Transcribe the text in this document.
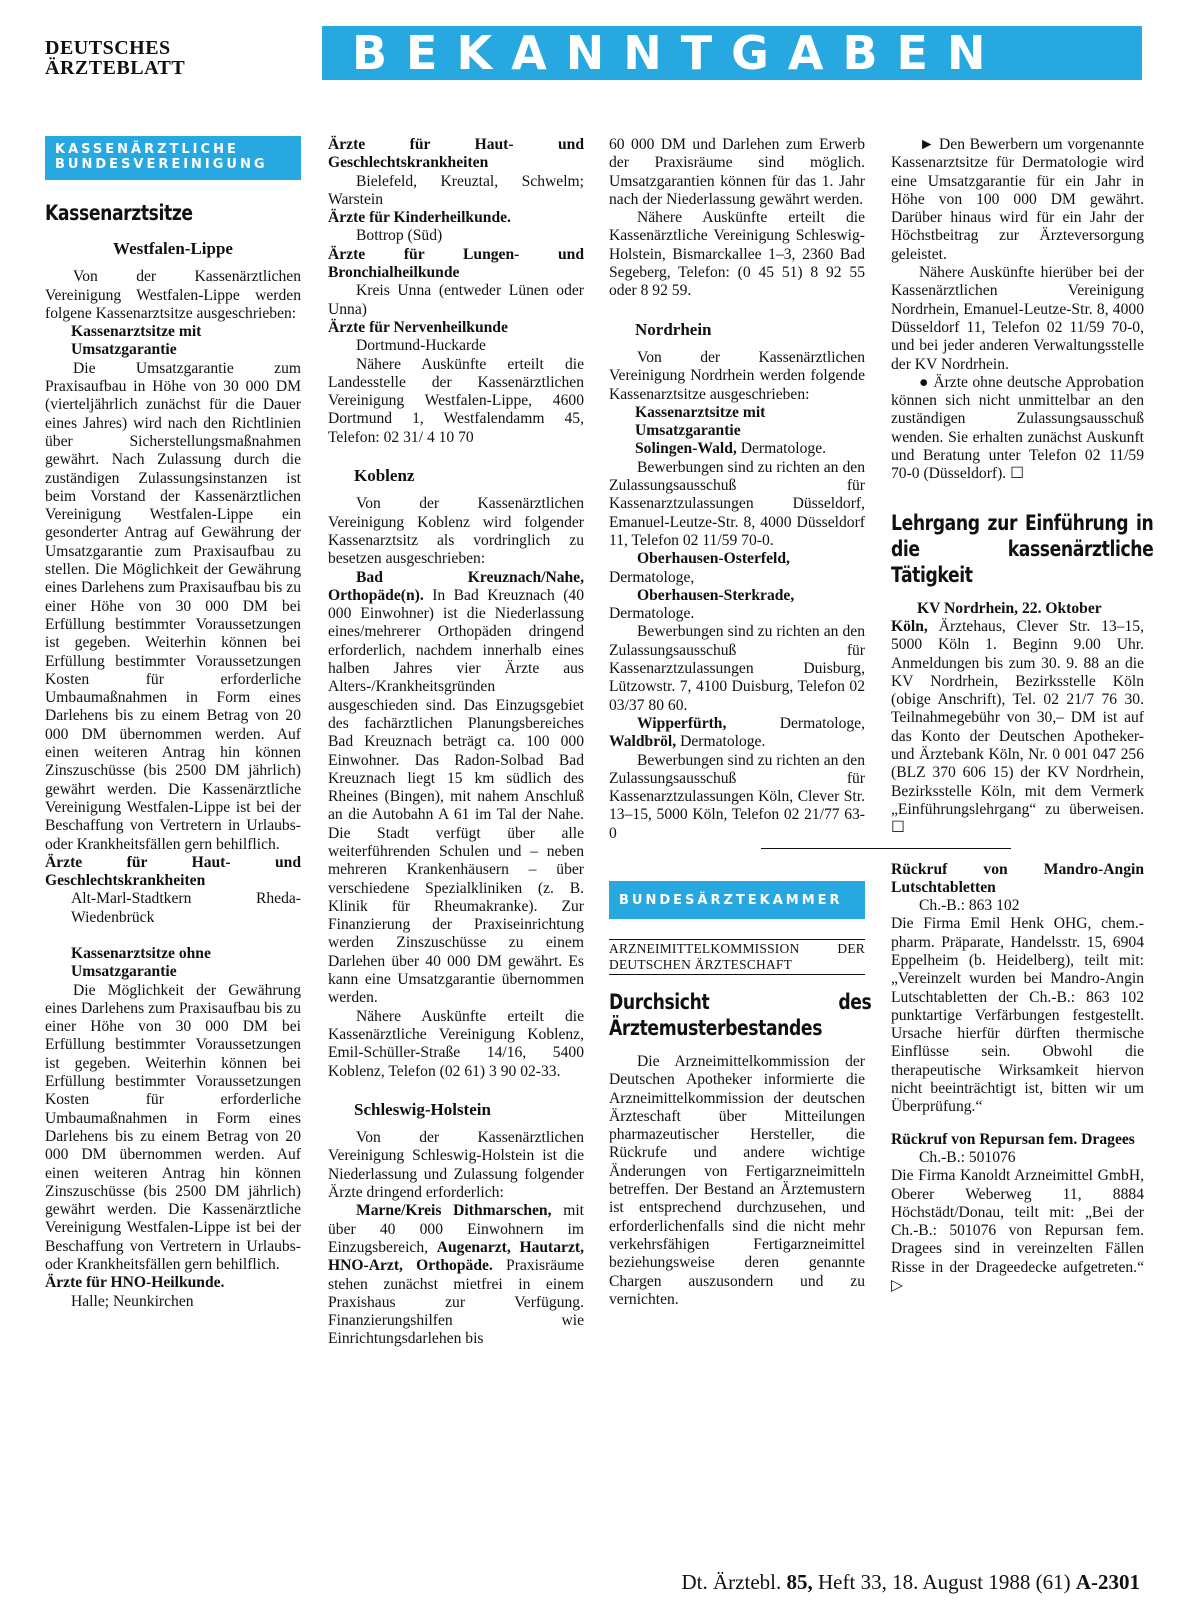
DEUTSCHES ÄRZTEBLATT	BEKANNTGABEN
KASSENÄRZTLICHE BUNDESVEREINIGUNG
Kassenarztsitze
Westfalen-Lippe

Von der Kassenärztlichen Vereinigung Westfalen-Lippe werden folgene Kassenarztsitze ausgeschrieben:

Kassenarztsitze mit Umsatzgarantie

Die Umsatzgarantie zum Praxisaufbau in Höhe von 30 000 DM (vierteljährlich zunächst für die Dauer eines Jahres) wird nach den Richtlinien über Sicherstellungsmaßnahmen gewährt. Nach Zulassung durch die zuständigen Zulassungsinstanzen ist beim Vorstand der Kassenärztlichen Vereinigung Westfalen-Lippe ein gesonderter Antrag auf Gewährung der Umsatzgarantie zum Praxisaufbau zu stellen. Die Möglichkeit der Gewährung eines Darlehens zum Praxisaufbau bis zu einer Höhe von 30 000 DM bei Erfüllung bestimmter Voraussetzungen ist gegeben. Weiterhin können bei Erfüllung bestimmter Voraussetzungen Kosten für erforderliche Umbaumaßnahmen in Form eines Darlehens bis zu einem Betrag von 20 000 DM übernommen werden. Auf einen weiteren Antrag hin können Zinszuschüsse (bis 2500 DM jährlich) gewährt werden. Die Kassenärztliche Vereinigung Westfalen-Lippe ist bei der Beschaffung von Vertretern in Urlaubs- oder Krankheitsfällen gern behilflich.

Ärzte für Haut- und Geschlechtskrankheiten

Alt-Marl-Stadtkern Rheda-Wiedenbrück

Kassenarztsitze ohne Umsatzgarantie

Die Möglichkeit der Gewährung eines Darlehens zum Praxisaufbau bis zu einer Höhe von 30 000 DM bei Erfüllung bestimmter Voraussetzungen ist gegeben. Weiterhin können bei Erfüllung bestimmter Voraussetzungen Kosten für erforderliche Umbaumaßnahmen in Form eines Darlehens bis zu einem Betrag von 20 000 DM übernommen werden. Auf einen weiteren Antrag hin können Zinszuschüsse (bis 2500 DM jährlich) gewährt werden. Die Kassenärztliche Vereinigung Westfalen-Lippe ist bei der Beschaffung von Vertretern in Urlaubs- oder Krankheitsfällen gern behilflich.

Ärzte für HNO-Heilkunde.

Halle; Neunkirchen

Ärzte für Haut- und Geschlechtskrankheiten

Bielefeld, Kreuztal, Schwelm; Warstein

Ärzte für Kinderheilkunde.

Bottrop (Süd)

Ärzte für Lungen- und Bronchialheilkunde

Kreis Unna (entweder Lünen oder Unna)

Ärzte für Nervenheilkunde

Dortmund-Huckarde

Nähere Auskünfte erteilt die Landesstelle der Kassenärztlichen Vereinigung Westfalen-Lippe, 4600 Dortmund 1, Westfalendamm 45, Telefon: 02 31/ 4 10 70

Koblenz

Von der Kassenärztlichen Vereinigung Koblenz wird folgender Kassenarztsitz als vordringlich zu besetzen ausgeschrieben:

Bad Kreuznach/Nahe, Orthopäde(n). In Bad Kreuznach (40 000 Einwohner) ist die Niederlassung eines/mehrerer Orthopäden dringend erforderlich, nachdem innerhalb eines halben Jahres vier Ärzte aus Alters-/Krankheitsgründen ausgeschieden sind. Das Einzugsgebiet des fachärztlichen Planungsbereiches Bad Kreuznach beträgt ca. 100 000 Einwohner. Das Radon-Solbad Bad Kreuznach liegt 15 km südlich des Rheines (Bingen), mit nahem Anschluß an die Autobahn A 61 im Tal der Nahe. Die Stadt verfügt über alle weiterführenden Schulen und – neben mehreren Krankenhäusern – über verschiedene Spezialkliniken (z. B. Klinik für Rheumakranke). Zur Finanzierung der Praxiseinrichtung werden Zinszuschüsse zu einem Darlehen über 40 000 DM gewährt. Es kann eine Umsatzgarantie übernommen werden.

Nähere Auskünfte erteilt die Kassenärztliche Vereinigung Koblenz, Emil-Schüller-Straße 14/16, 5400 Koblenz, Telefon (02 61) 3 90 02-33.

Schleswig-Holstein

Von der Kassenärztlichen Vereinigung Schleswig-Holstein ist die Niederlassung und Zulassung folgender Ärzte dringend erforderlich:

Marne/Kreis Dithmarschen, mit über 40 000 Einwohnern im Einzugsbereich, Augenarzt, Hautarzt, HNO-Arzt, Orthopäde. Praxisräume stehen zunächst mietfrei in einem Praxishaus zur Verfügung. Finanzierungshilfen wie Einrichtungsdarlehen bis

60 000 DM und Darlehen zum Erwerb der Praxisräume sind möglich. Umsatzgarantien können für das 1. Jahr nach der Niederlassung gewährt werden.

Nähere Auskünfte erteilt die Kassenärztliche Vereinigung Schleswig-Holstein, Bismarckallee 1–3, 2360 Bad Segeberg, Telefon: (0 45 51) 8 92 55 oder 8 92 59.

Nordrhein

Von der Kassenärztlichen Vereinigung Nordrhein werden folgende Kassenarztsitze ausgeschrieben:

Kassenarztsitze mit Umsatzgarantie

Solingen-Wald, Dermatologe.

Bewerbungen sind zu richten an den Zulassungsausschuß für Kassenarztzulassungen Düsseldorf, Emanuel-Leutze-Str. 8, 4000 Düsseldorf 11, Telefon 02 11/59 70-0.

Oberhausen-Osterfeld, Dermatologe,

Oberhausen-Sterkrade, Dermatologe.

Bewerbungen sind zu richten an den Zulassungsausschuß für Kassenarztzulassungen Duisburg, Lützowstr. 7, 4100 Duisburg, Telefon 02 03/37 80 60.

Wipperfürth,	Dermatologe, Waldbröl, Dermatologe.

Bewerbungen sind zu richten an den Zulassungsausschuß für Kassenarztzulassungen Köln, Clever Str. 13–15, 5000 Köln, Telefon 02 21/77 63-0

BUNDESÄRZTEKAMMER
ARZNEIMITTELKOMMISSION DER DEUTSCHEN ÄRZTESCHAFT
Durchsicht des Ärztemusterbestandes

Die Arzneimittelkommission der Deutschen Apotheker informierte die Arzneimittelkommission der deutschen Ärzteschaft über Mitteilungen pharmazeutischer Hersteller, die Rückrufe und andere wichtige Änderungen von Fertigarzneimitteln betreffen. Der Bestand an Ärztemustern ist entsprechend durchzusehen, und erforderlichenfalls sind die nicht mehr verkehrsfähigen Fertigarzneimittel beziehungsweise deren genannte Chargen auszusondern und zu vernichten.

► Den Bewerbern um vorgenannte Kassenarztsitze für Dermatologie wird eine Umsatzgarantie für ein Jahr in Höhe von 100 000 DM gewährt. Darüber hinaus wird für ein Jahr der Höchstbeitrag zur Ärzteversorgung geleistet.

Nähere Auskünfte hierüber bei der Kassenärztlichen Vereinigung Nordrhein, Emanuel-Leutze-Str. 8, 4000 Düsseldorf 11, Telefon 02 11/59 70-0, und bei jeder anderen Verwaltungsstelle der KV Nordrhein.

● Ärzte ohne deutsche Approbation können sich nicht unmittelbar an den zuständigen Zulassungsausschuß wenden. Sie erhalten zunächst Auskunft und Beratung unter Telefon 02 11/59 70-0 (Düsseldorf). ☐

Lehrgang zur Einführung in die kassenärztliche Tätigkeit

KV Nordrhein, 22. Oktober

Köln, Ärztehaus, Clever Str. 13–15, 5000 Köln 1. Beginn 9.00 Uhr. Anmeldungen bis zum 30. 9. 88 an die KV Nordrhein, Bezirksstelle Köln (obige Anschrift), Tel. 02 21/7 76 30. Teilnahmegebühr von 30,– DM ist auf das Konto der Deutschen Apotheker- und Ärztebank Köln, Nr. 0 001 047 256 (BLZ 370 606 15) der KV Nordrhein, Bezirksstelle Köln, mit dem Vermerk „Einführungslehrgang“ zu überweisen. ☐

Rückruf von Mandro-Angin Lutschtabletten

Ch.-B.: 863 102

Die Firma Emil Henk OHG, chem.-pharm. Präparate, Handelsstr. 15, 6904 Eppelheim (b. Heidelberg), teilt mit: „Vereinzelt wurden bei Mandro-Angin Lutschtabletten der Ch.-B.: 863 102 punktartige Verfärbungen festgestellt. Ursache hierfür dürften thermische Einflüsse sein. Obwohl die therapeutische Wirksamkeit hiervon nicht beeinträchtigt ist, bitten wir um Überprüfung.“

Rückruf von Repursan fem. Dragees

Ch.-B.: 501076

Die Firma Kanoldt Arzneimittel GmbH, Oberer Weberweg 11, 8884 Höchstädt/Donau, teilt mit: „Bei der Ch.-B.: 501076 von Repursan fem. Dragees sind in vereinzelten Fällen Risse in der Drageedecke aufgetreten.“ ▷

Dt. Ärztebl. 85, Heft 33, 18. August 1988 (61) A-2301
